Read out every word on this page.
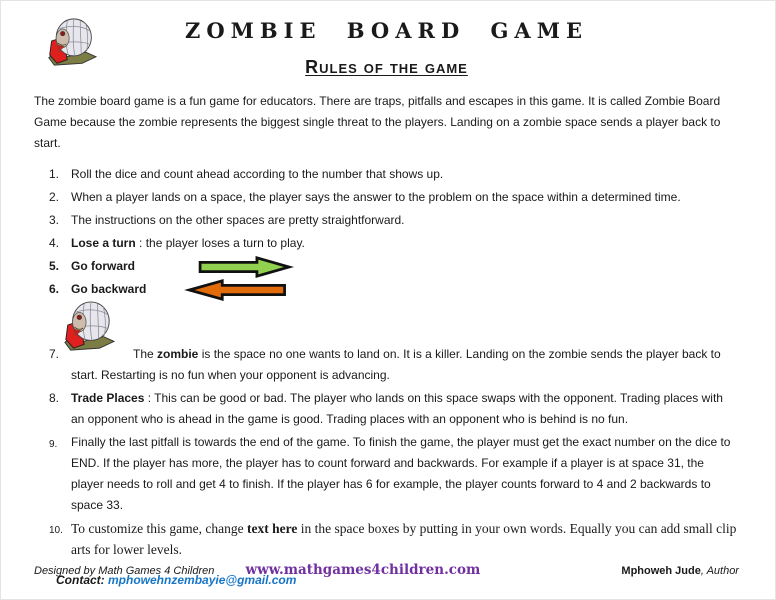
ZOMBIE BOARD GAME
Rules of the game
The zombie board game is a fun game for educators. There are traps, pitfalls and escapes in this game. It is called Zombie Board Game because the zombie represents the biggest single threat to the players. Landing on a zombie space sends a player back to start.
1. Roll the dice and count ahead according to the number that shows up.
2. When a player lands on a space, the player says the answer to the problem on the space within a determined time.
3. The instructions on the other spaces are pretty straightforward.
4. Lose a turn : the player loses a turn to play.
5. Go forward
6. Go backward
7.	The zombie is the space no one wants to land on. It is a killer. Landing on the zombie sends the player back to start. Restarting is no fun when your opponent is advancing.
8. Trade Places : This can be good or bad. The player who lands on this space swaps with the opponent. Trading places with an opponent who is ahead in the game is good. Trading places with an opponent who is behind is no fun.
9.	Finally the last pitfall is towards the end of the game. To finish the game, the player must get the exact number on the dice to END. If the player has more, the player has to count forward and backwards. For example if a player is at space 31, the player needs to roll and get 4 to finish. If the player has 6 for example, the player counts forward to 4 and 2 backwards to space 33.
10. To customize this game, change text here in the space boxes by putting in your own words. Equally you can add small clip arts for lower levels.
Contact: mphowehnzembayie@gmail.com
Designed by Math Games 4 Children www.mathgames4children.com	Mphoweh Jude, Author
